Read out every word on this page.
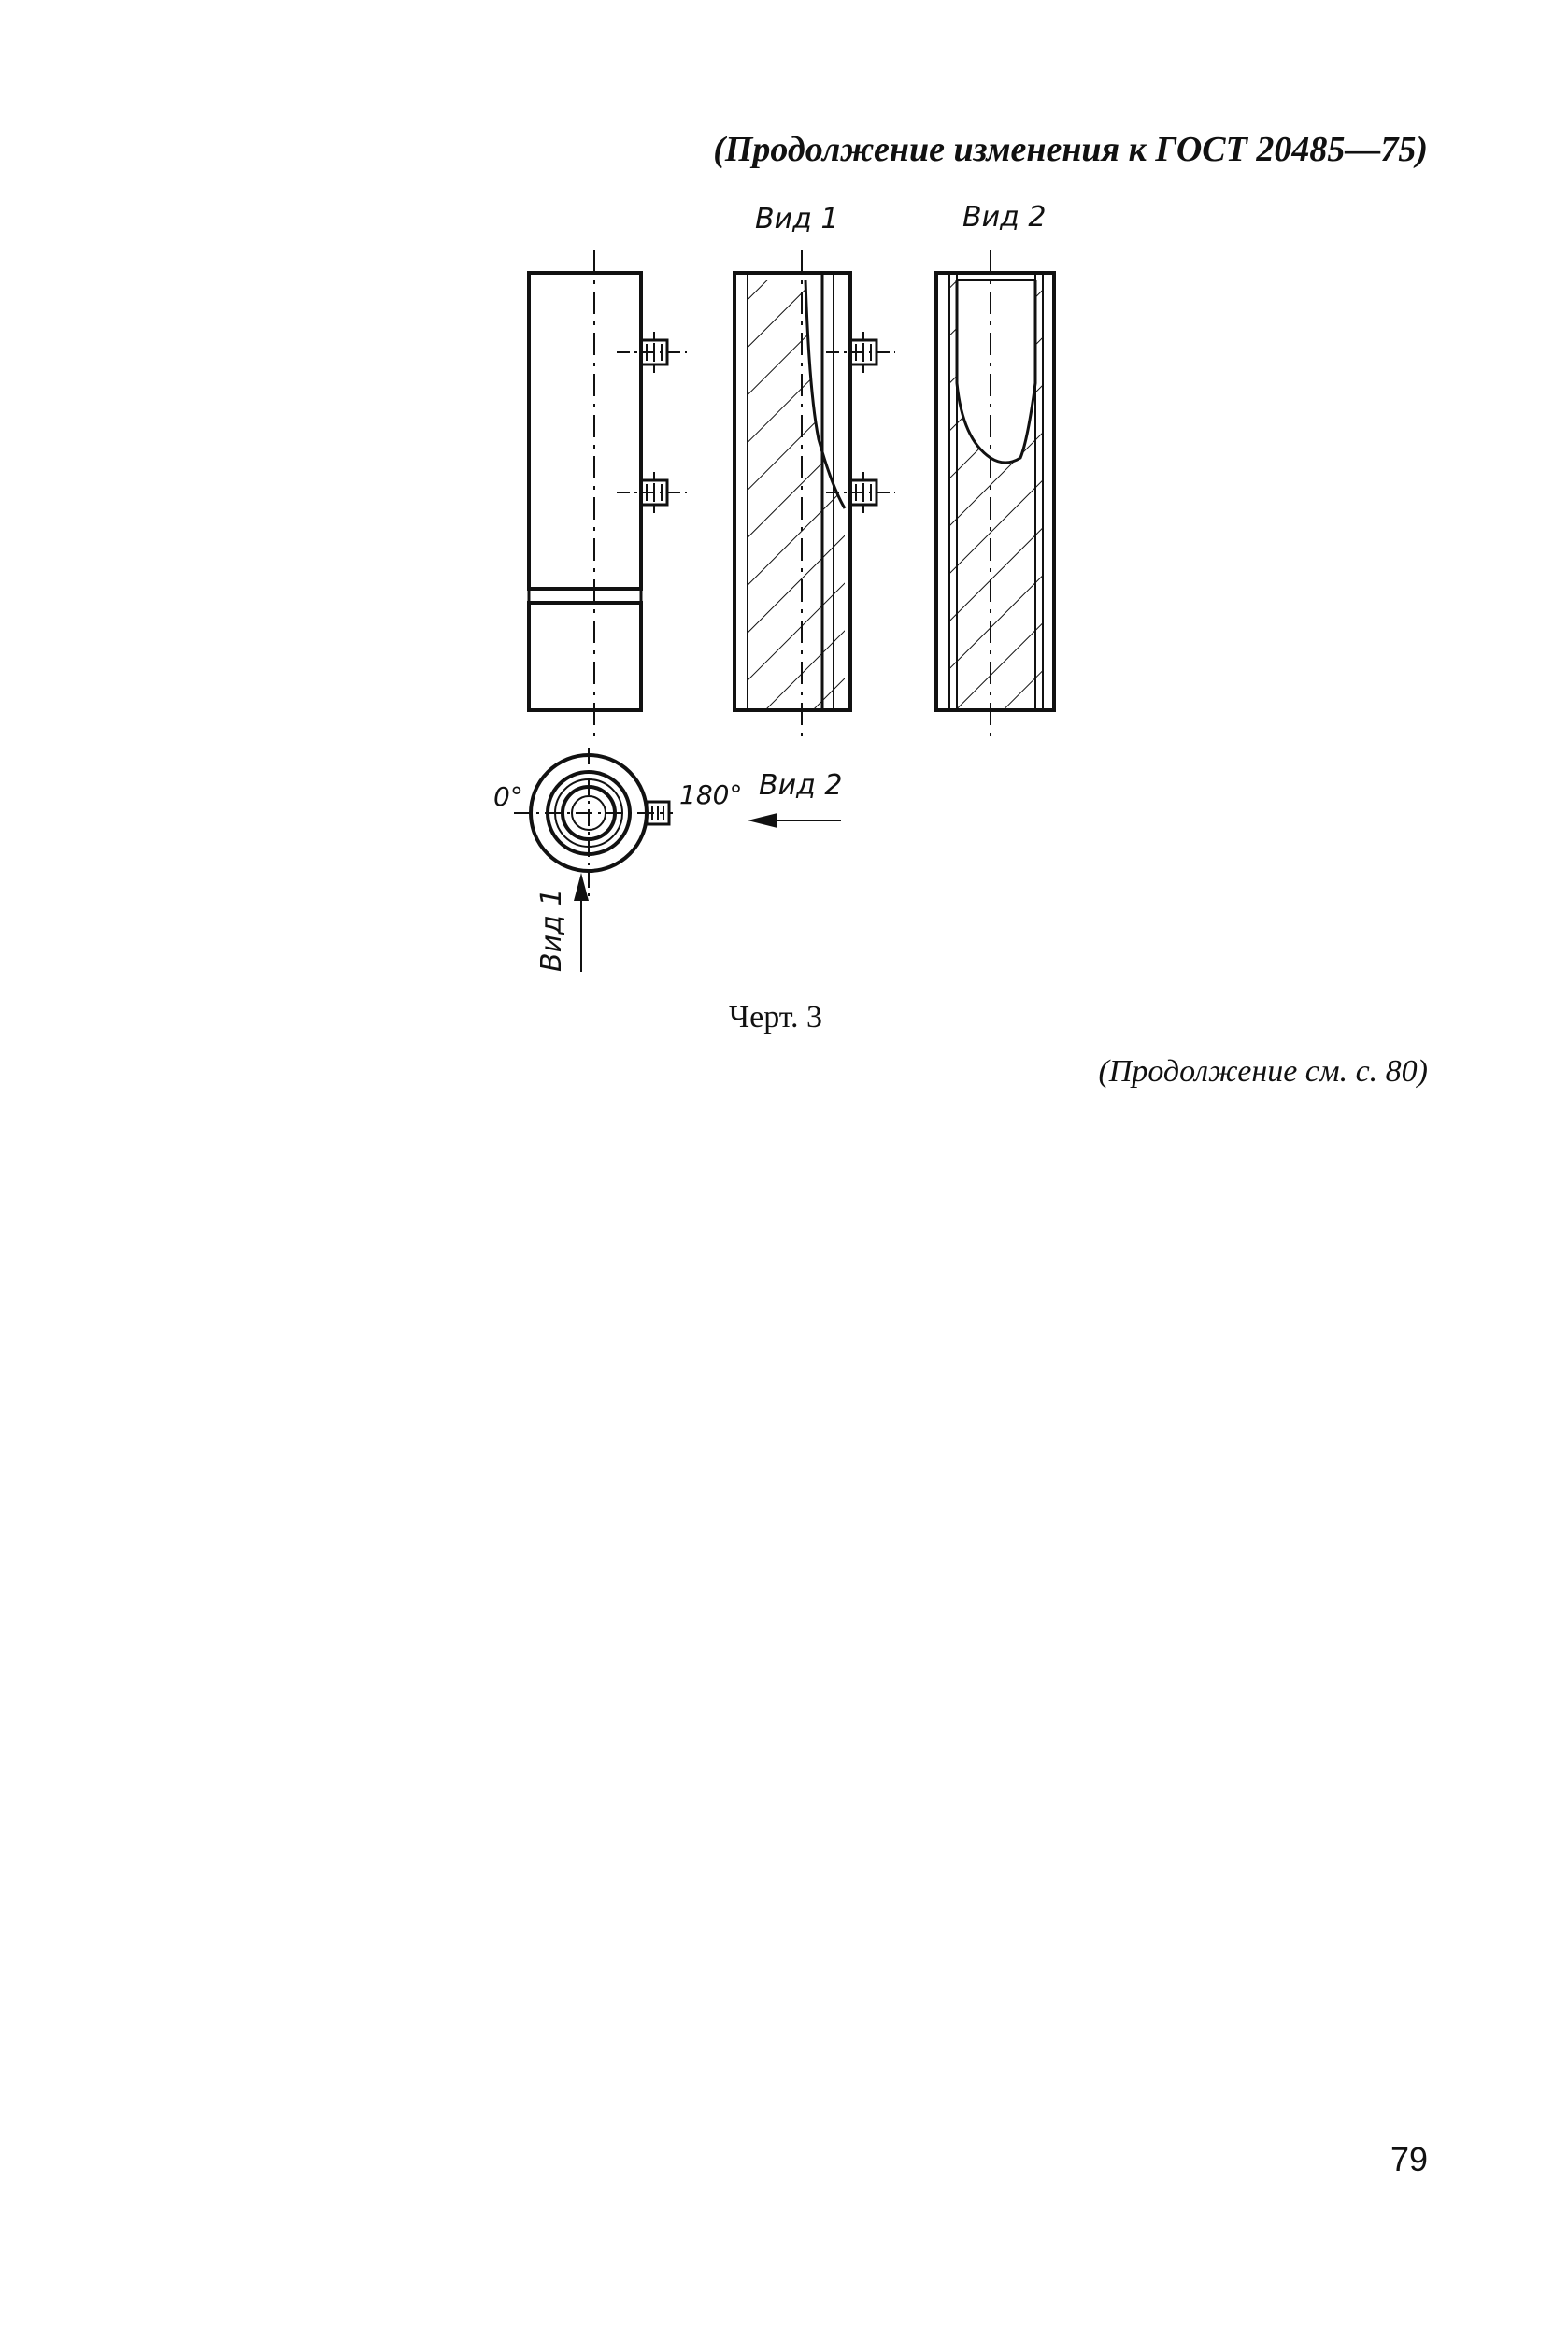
(Продолжение изменения к ГОСТ 20485—75)
Вид 1	Вид 2
0°	180° Вид 2
Вид 1
Черт. 3
(Продолжение см. с. 80)
79
